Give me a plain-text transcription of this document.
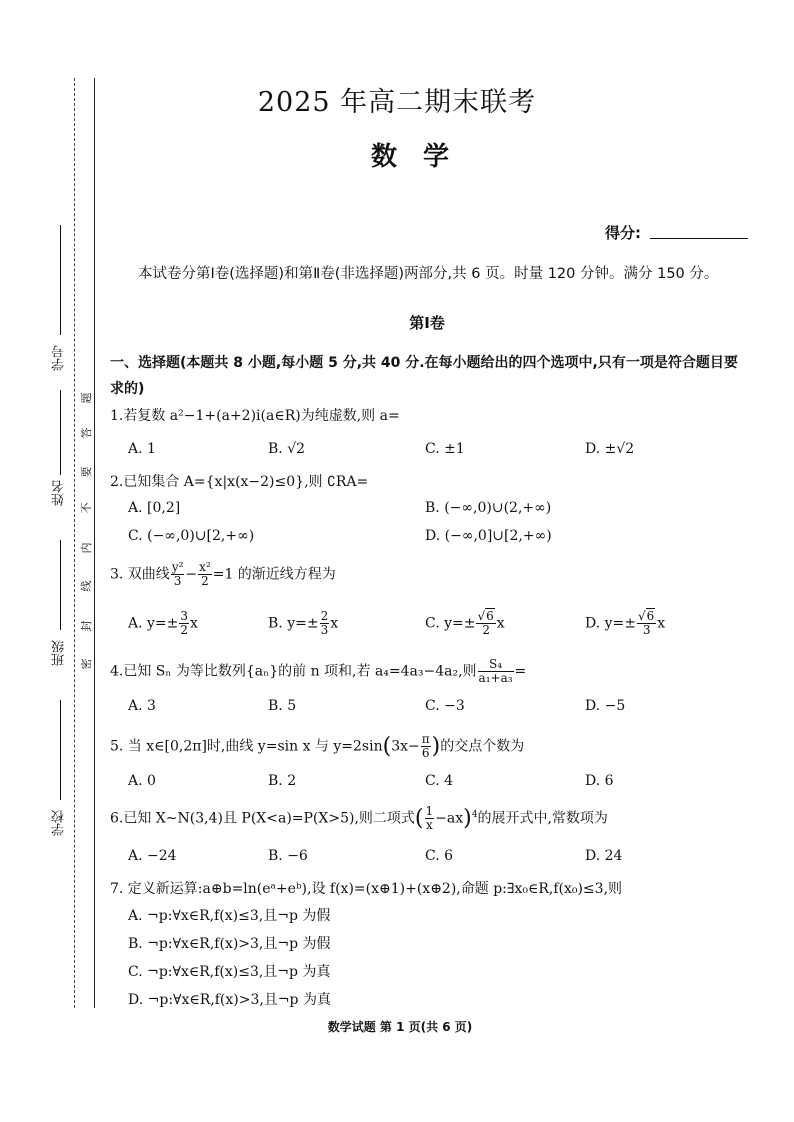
学号
姓名
班级
学校
题
答
要
不
内
线
封
密
2025 年高二期末联考
数学
得分:
本试卷分第Ⅰ卷(选择题)和第Ⅱ卷(非选择题)两部分,共 6 页。时量 120 分钟。满分 150 分。
第Ⅰ卷
一、选择题(本题共 8 小题,每小题 5 分,共 40 分.在每小题给出的四个选项中,只有一项是符合题目要求的)
1.若复数 a²−1+(a+2)i(a∈R)为纯虚数,则 a=
A. 1	B. √2	C. ±1	D. ±√2
2.已知集合 A={x|x(x−2)≤0},则 ∁RA=
A. [0,2]	B. (−∞,0)∪(2,+∞)
C. (−∞,0)∪[2,+∞)	D. (−∞,0]∪[2,+∞)
3. 双曲线 $\frac{\text{y²}}{3} - \frac{\text{x²}}{2} =1$ 的渐近线方程为
A. $y=\pm \frac{3}{2}$ x	B. $y=\pm \frac{2}{3}$ x	C. $y=\pm \frac{√6}{2}$ x	D. $y=\pm \frac{√6}{3}$ x
4.已知 Sₙ 为等比数列{aₙ}的前 n 项和,若 a₄=4a₃−4a₂,则 $\frac{\text{S₄}}{\text{a₁+a₃}}$ =
A. 3	B. 5	C. −3	D. −5
5. 当 x∈[0,2π]时,曲线 y=sin x 与 $y=2\sin(3x- \frac{\pi}{6}$ )的交点个数为
A. 0	B. 2	C. 4	D. 6
6.已知 X∼N(3,4)且 P(X<a)=P(X>5),则二项式( $\frac{1}{x} -ax)^4$的展开式中,常数项为
A. −24	B. −6	C. 6	D. 24
7. 定义新运算:a⊕b=ln(eᵃ+eᵇ),设 f(x)=(x⊕1)+(x⊕2),命题 p:∃x₀∈R,f(x₀)≤3,则
A. ¬p:∀x∈R,f(x)≤3,且¬p 为假
B. ¬p:∀x∈R,f(x)>3,且¬p 为假
C. ¬p:∀x∈R,f(x)≤3,且¬p 为真
D. ¬p:∀x∈R,f(x)>3,且¬p 为真
数学试题 第 1 页(共 6 页)
